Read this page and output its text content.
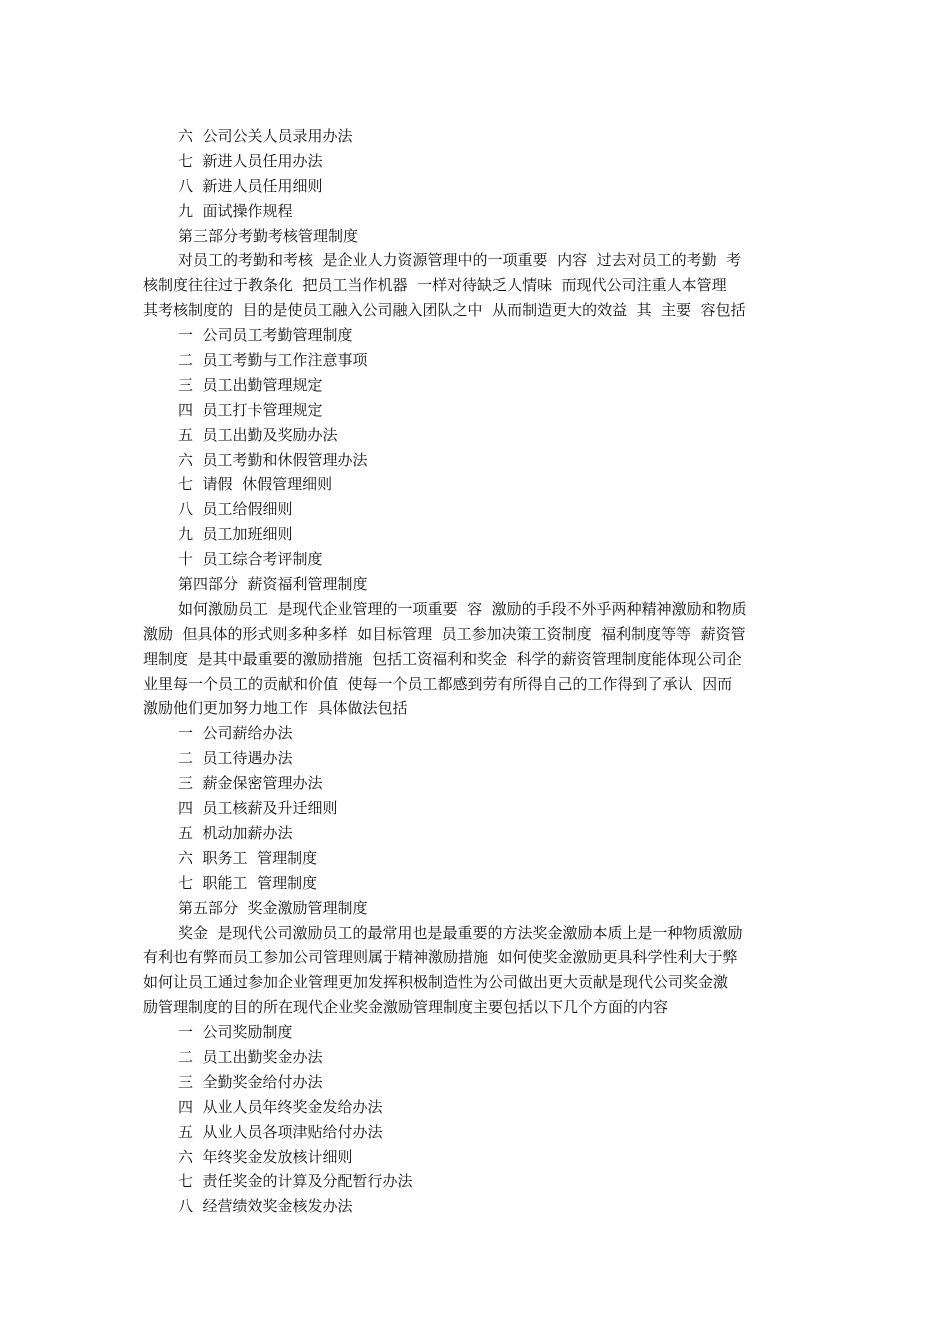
六  公司公关人员录用办法
七  新进人员任用办法
八  新进人员任用细则
九  面试操作规程
第三部分考勤考核管理制度
对员工的考勤和考核  是企业人力资源管理中的一项重要  内容  过去对员工的考勤  考
核制度往往过于教条化  把员工当作机器  一样对待缺乏人情味  而现代公司注重人本管理
其考核制度的  目的是使员工融入公司融入团队之中  从而制造更大的效益  其  主要  容包括
一  公司员工考勤管理制度
二  员工考勤与工作注意事项
三  员工出勤管理规定
四  员工打卡管理规定
五  员工出勤及奖励办法
六  员工考勤和休假管理办法
七  请假  休假管理细则
八  员工给假细则
九  员工加班细则
十  员工综合考评制度
第四部分  薪资福利管理制度
如何激励员工  是现代企业管理的一项重要  容  激励的手段不外乎两种精神激励和物质
激励  但具体的形式则多种多样  如目标管理  员工参加决策工资制度  福利制度等等  薪资管
理制度  是其中最重要的激励措施  包括工资福利和奖金  科学的薪资管理制度能体现公司企
业里每一个员工的贡献和价值  使每一个员工都感到劳有所得自己的工作得到了承认  因而
激励他们更加努力地工作  具体做法包括
一  公司薪给办法
二  员工待遇办法
三  薪金保密管理办法
四  员工核薪及升迁细则
五  机动加薪办法
六  职务工  管理制度
七  职能工  管理制度
第五部分  奖金激励管理制度
奖金  是现代公司激励员工的最常用也是最重要的方法奖金激励本质上是一种物质激励
有利也有弊而员工参加公司管理则属于精神激励措施  如何使奖金激励更具科学性利大于弊
如何让员工通过参加企业管理更加发挥积极制造性为公司做出更大贡献是现代公司奖金激
励管理制度的目的所在现代企业奖金激励管理制度主要包括以下几个方面的内容
一  公司奖励制度
二  员工出勤奖金办法
三  全勤奖金给付办法
四  从业人员年终奖金发给办法
五  从业人员各项津贴给付办法
六  年终奖金发放核计细则
七  责任奖金的计算及分配暂行办法
八  经营绩效奖金核发办法
